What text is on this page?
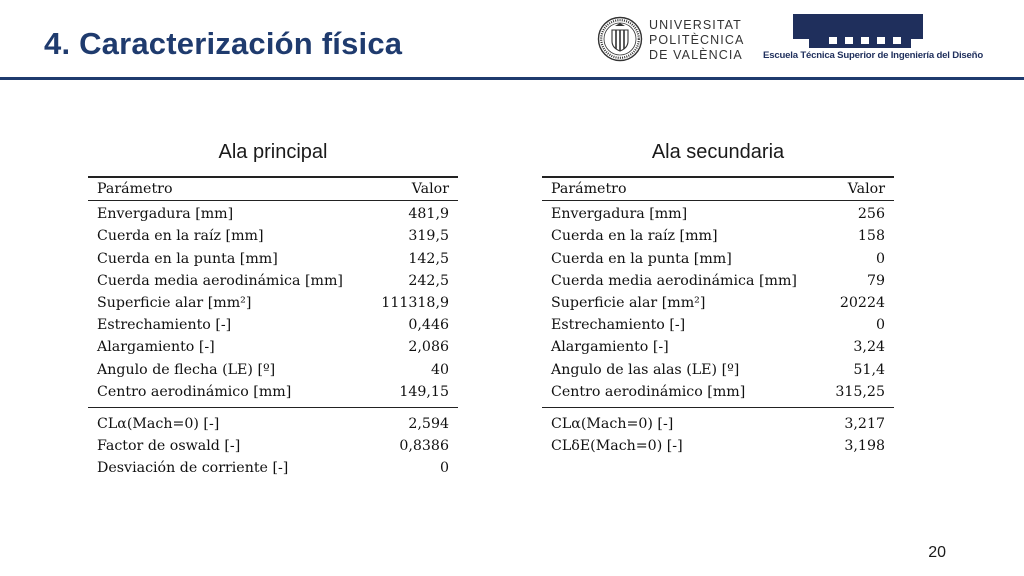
4. Caracterización física
UNIVERSITAT
POLITÈCNICA
DE VALÈNCIA	Escuela Técnica Superior de Ingeniería del Diseño
Ala principal
Parámetro	Valor
Envergadura [mm]	481,9
Cuerda en la raíz [mm]	319,5
Cuerda en la punta [mm]	142,5
Cuerda media aerodinámica [mm]	242,5
Superficie alar [mm²]	111318,9
Estrechamiento [-]	0,446
Alargamiento [-]	2,086
Angulo de flecha (LE) [º]	40
Centro aerodinámico [mm]	149,15
CLα(Mach=0) [-]	2,594
Factor de oswald [-]	0,8386
Desviación de corriente [-]	0
Ala secundaria
Parámetro	Valor
Envergadura [mm]	256
Cuerda en la raíz [mm]	158
Cuerda en la punta [mm]	0
Cuerda media aerodinámica [mm]	79
Superficie alar [mm²]	20224
Estrechamiento [-]	0
Alargamiento [-]	3,24
Angulo de las alas (LE) [º]	51,4
Centro aerodinámico [mm]	315,25
CLα(Mach=0) [-]	3,217
CLδE(Mach=0) [-]	3,198
20
